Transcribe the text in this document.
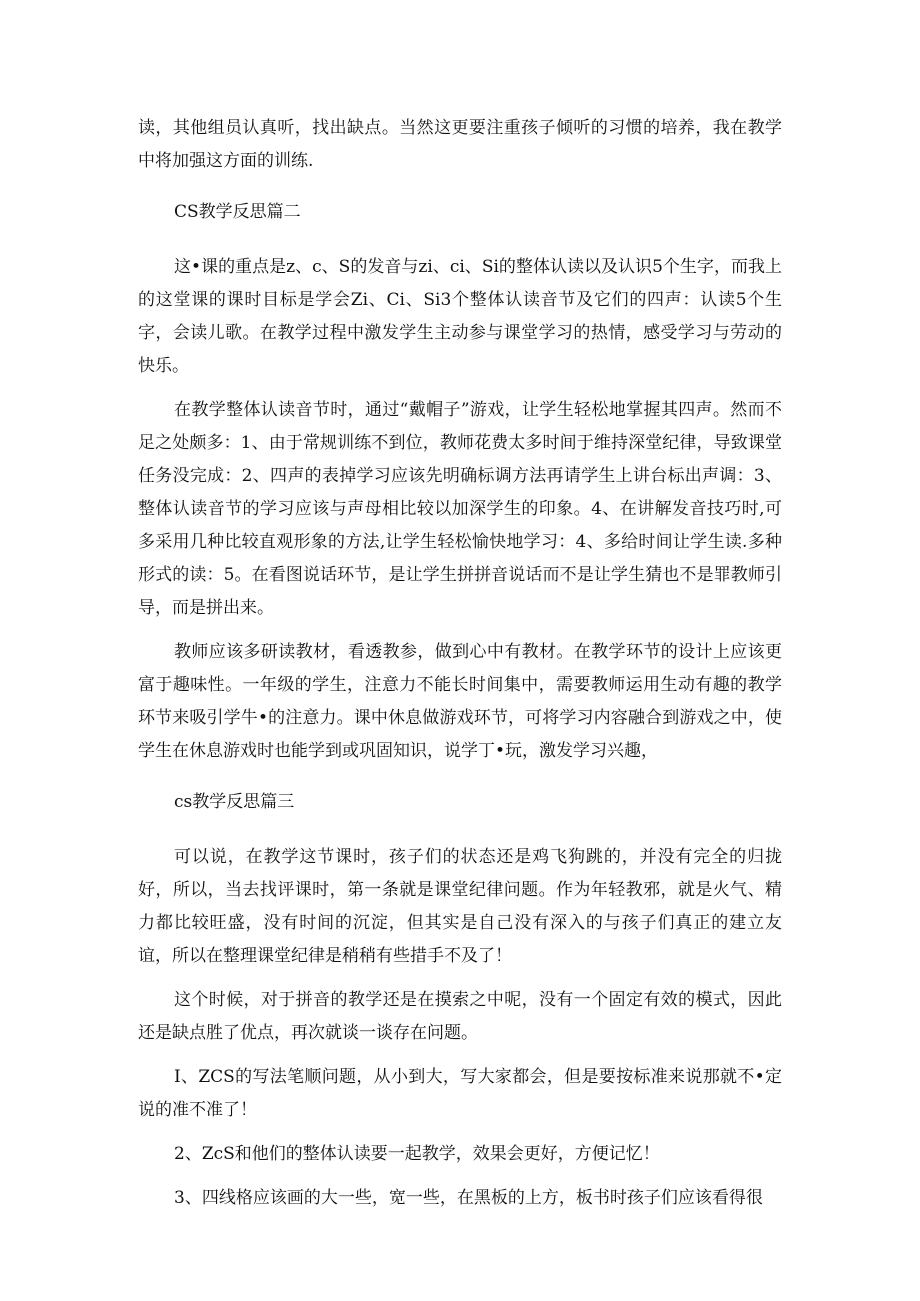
读，其他组员认真听，找出缺点。当然这更要注重孩子倾听的习惯的培养，我在教学中将加强这方面的训练.

CS教学反思篇二

这•课的重点是z、c、S的发音与zi、ci、Si的整体认读以及认识5个生字，而我上的这堂课的课时目标是学会Zi、Ci、Si3个整体认读音节及它们的四声：认读5个生字，会读儿歌。在教学过程中激发学生主动参与课堂学习的热情，感受学习与劳动的快乐。

在教学整体认读音节时，通过“戴帽子”游戏，让学生轻松地掌握其四声。然而不足之处颇多：1、由于常规训练不到位，教师花费太多时间于维持深堂纪律，导致课堂任务没完成：2、四声的表掉学习应该先明确标调方法再请学生上讲台标出声调：3、整体认读音节的学习应该与声母相比较以加深学生的印象。4、在讲解发音技巧时,可多采用几种比较直观形象的方法,让学生轻松愉快地学习：4、多给时间让学生读.多种形式的读：5。在看图说话环节，是让学生拼拼音说话而不是让学生猜也不是罪教师引导，而是拼出来。

教师应该多研读教材，看透教参，做到心中有教材。在教学环节的设计上应该更富于趣味性。一年级的学生，注意力不能长时间集中，需要教师运用生动有趣的教学环节来吸引学牛•的注意力。课中休息做游戏环节，可将学习内容融合到游戏之中，使学生在休息游戏时也能学到或巩固知识，说学丁•玩，激发学习兴趣，

cs教学反思篇三

可以说，在教学这节课时，孩子们的状态还是鸡飞狗跳的，并没有完全的归拢好，所以，当去找评课时，第一条就是课堂纪律问题。作为年轻教邪，就是火气、精力都比较旺盛，没有时间的沉淀，但其实是自己没有深入的与孩子们真正的建立友谊，所以在整理课堂纪律是稍稍有些措手不及了！

这个时候，对于拼音的教学还是在摸索之中呢，没有一个固定有效的模式，因此还是缺点胜了优点，再次就谈一谈存在问题。

I、ZCS的写法笔顺问题，从小到大，写大家都会，但是要按标准来说那就不•定说的准不准了！

2、ZcS和他们的整体认读要一起教学，效果会更好，方便记忆！

3、四线格应该画的大一些，宽一些，在黑板的上方，板书时孩子们应该看得很
